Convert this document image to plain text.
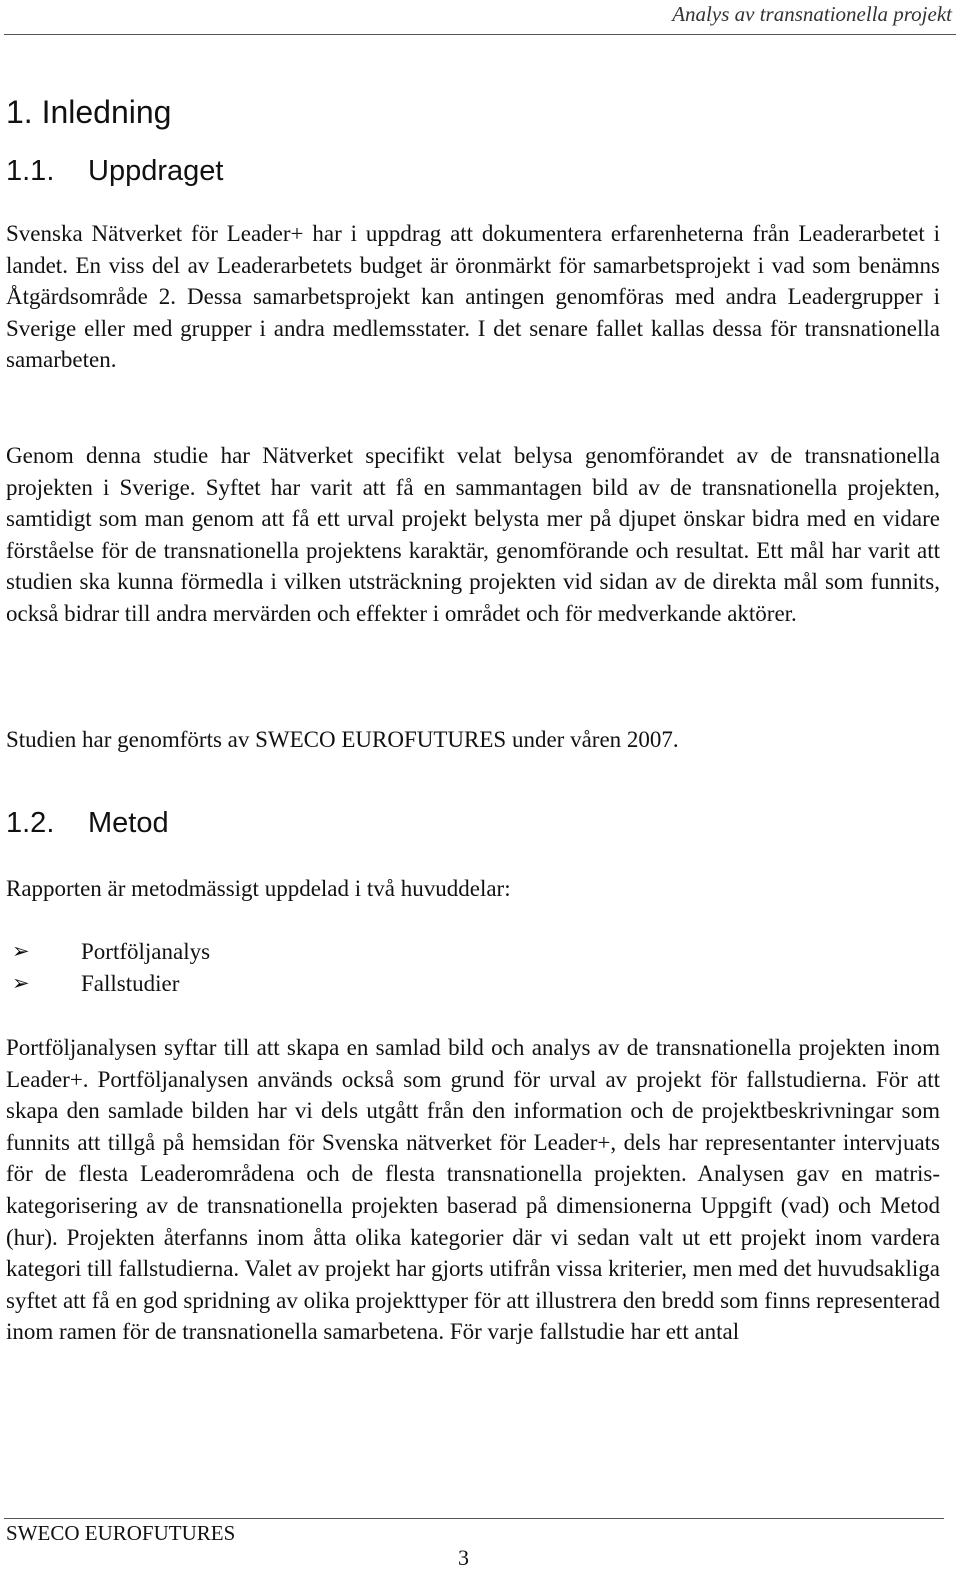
Analys av transnationella projekt
1. Inledning
1.1. Uppdraget

Svenska Nätverket för Leader+ har i uppdrag att dokumentera erfarenheterna från Leaderarbetet i landet. En viss del av Leaderarbetets budget är öronmärkt för samarbetsprojekt i vad som benämns Åtgärdsområde 2. Dessa samarbetsprojekt kan antingen genomföras med andra Leadergrupper i Sverige eller med grupper i andra medlemsstater. I det senare fallet kallas dessa för transnationella samarbeten.

Genom denna studie har Nätverket specifikt velat belysa genomförandet av de transnationella projekten i Sverige. Syftet har varit att få en sammantagen bild av de transnationella projekten, samtidigt som man genom att få ett urval projekt belysta mer på djupet önskar bidra med en vidare förståelse för de transnationella projektens karaktär, genomförande och resultat. Ett mål har varit att studien ska kunna förmedla i vilken utsträckning projekten vid sidan av de direkta mål som funnits, också bidrar till andra mervärden och effekter i området och för medverkande aktörer.

Studien har genomförts av SWECO EUROFUTURES under våren 2007.

1.2. Metod

Rapporten är metodmässigt uppdelad i två huvuddelar:

➢ Portföljanalys
➢ Fallstudier

Portföljanalysen syftar till att skapa en samlad bild och analys av de transnationella projekten inom Leader+. Portföljanalysen används också som grund för urval av projekt för fallstudierna. För att skapa den samlade bilden har vi dels utgått från den information och de projektbeskrivningar som funnits att tillgå på hemsidan för Svenska nätverket för Leader+, dels har representanter intervjuats för de flesta Leaderområdena och de flesta transnationella projekten. Analysen gav en matriskategorisering av de transnationella projekten baserad på dimensionerna Uppgift (vad) och Metod (hur). Projekten återfanns inom åtta olika kategorier där vi sedan valt ut ett projekt inom vardera kategori till fallstudierna. Valet av projekt har gjorts utifrån vissa kriterier, men med det huvudsakliga syftet att få en god spridning av olika projekttyper för att illustrera den bredd som finns representerad inom ramen för de transnationella samarbetena. För varje fallstudie har ett antal

SWECO EUROFUTURES
3
